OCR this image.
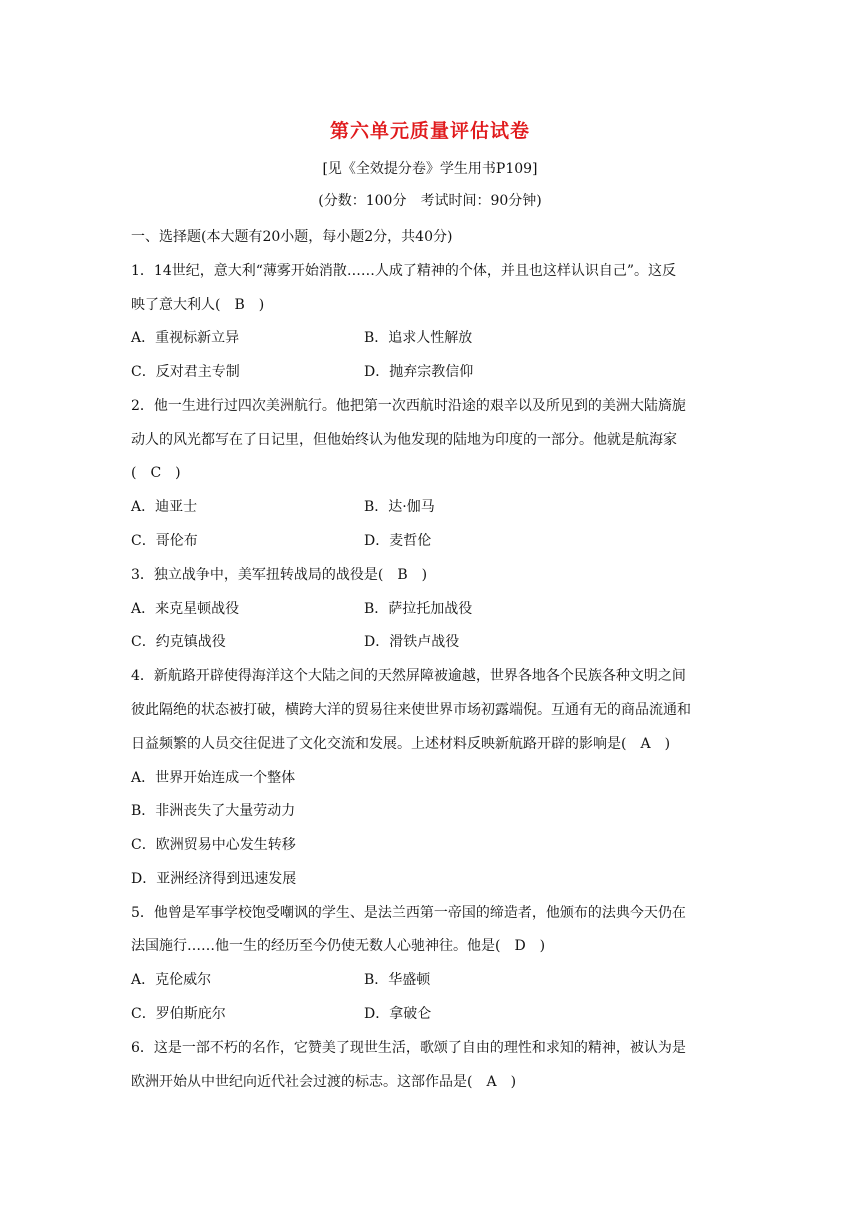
第六单元质量评估试卷
[见《全效提分卷》学生用书P109]
(分数：100分　考试时间：90分钟)
一、选择题(本大题有20小题，每小题2分，共40分)
1．14世纪，意大利“薄雾开始消散……人成了精神的个体，并且也这样认识自己”。这反
映了意大利人(　B　)
A．重视标新立异	B．追求人性解放
C．反对君主专制	D．抛弃宗教信仰
2．他一生进行过四次美洲航行。他把第一次西航时沿途的艰辛以及所见到的美洲大陆旖旎
动人的风光都写在了日记里，但他始终认为他发现的陆地为印度的一部分。他就是航海家
(　C　)
A．迪亚士	B．达·伽马
C．哥伦布	D．麦哲伦
3．独立战争中，美军扭转战局的战役是(　B　)
A．来克星顿战役	B．萨拉托加战役
C．约克镇战役	D．滑铁卢战役
4．新航路开辟使得海洋这个大陆之间的天然屏障被逾越，世界各地各个民族各种文明之间
彼此隔绝的状态被打破，横跨大洋的贸易往来使世界市场初露端倪。互通有无的商品流通和
日益频繁的人员交往促进了文化交流和发展。上述材料反映新航路开辟的影响是(　A　)
A．世界开始连成一个整体
B．非洲丧失了大量劳动力
C．欧洲贸易中心发生转移
D．亚洲经济得到迅速发展
5．他曾是军事学校饱受嘲讽的学生、是法兰西第一帝国的缔造者，他颁布的法典今天仍在
法国施行……他一生的经历至今仍使无数人心驰神往。他是(　D　)
A．克伦威尔	B．华盛顿
C．罗伯斯庇尔	D．拿破仑
6．这是一部不朽的名作，它赞美了现世生活，歌颂了自由的理性和求知的精神，被认为是
欧洲开始从中世纪向近代社会过渡的标志。这部作品是(　A　)
